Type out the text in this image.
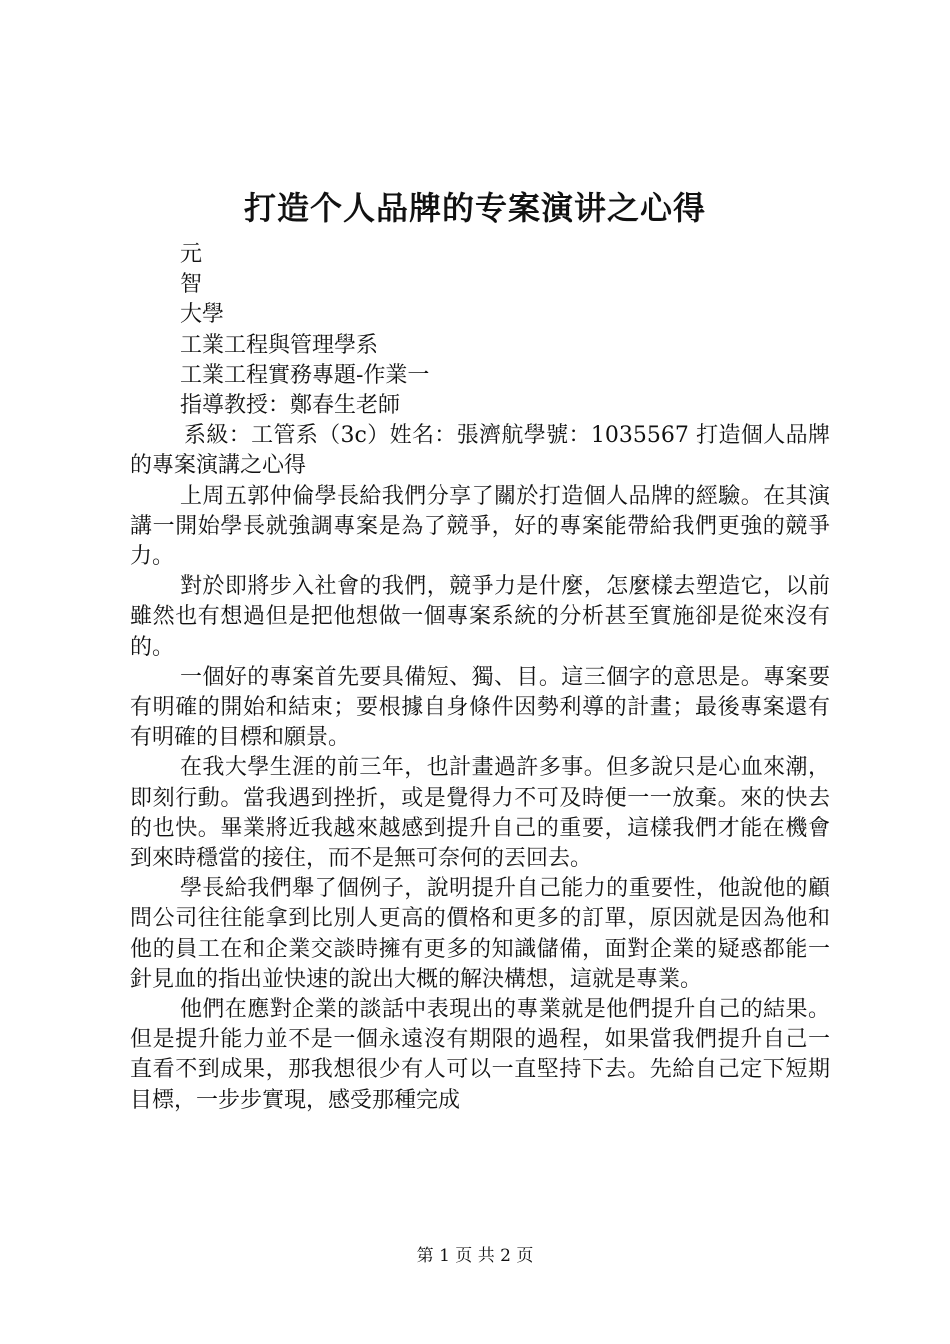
打造个人品牌的专案演讲之心得

元

智

大學

工業工程與管理學系

工業工程實務專題-作業一

指導教授：鄭春生老師

系級：工管系（3c）姓名：張濟航學號：1035567 打造個人品牌的專案演講之心得

上周五郭仲倫學長給我們分享了關於打造個人品牌的經驗。在其演講一開始學長就強調專案是為了競爭，好的專案能帶給我們更強的競爭力。

對於即將步入社會的我們，競爭力是什麼，怎麼樣去塑造它，以前雖然也有想過但是把他想做一個專案系統的分析甚至實施卻是從來沒有的。

一個好的專案首先要具備短、獨、目。這三個字的意思是。專案要有明確的開始和結束；要根據自身條件因勢利導的計畫；最後專案還有有明確的目標和願景。

在我大學生涯的前三年，也計畫過許多事。但多說只是心血來潮，即刻行動。當我遇到挫折，或是覺得力不可及時便一一放棄。來的快去的也快。畢業將近我越來越感到提升自己的重要，這樣我們才能在機會到來時穩當的接住，而不是無可奈何的丟回去。

學長給我們舉了個例子，說明提升自己能力的重要性，他說他的顧問公司往往能拿到比別人更高的價格和更多的訂單，原因就是因為他和他的員工在和企業交談時擁有更多的知識儲備，面對企業的疑惑都能一針見血的指出並快速的說出大概的解決構想，這就是專業。

他們在應對企業的談話中表現出的專業就是他們提升自己的結果。但是提升能力並不是一個永遠沒有期限的過程，如果當我們提升自己一直看不到成果，那我想很少有人可以一直堅持下去。先給自己定下短期目標，一步步實現，感受那種完成

第 1 页 共 2 页
